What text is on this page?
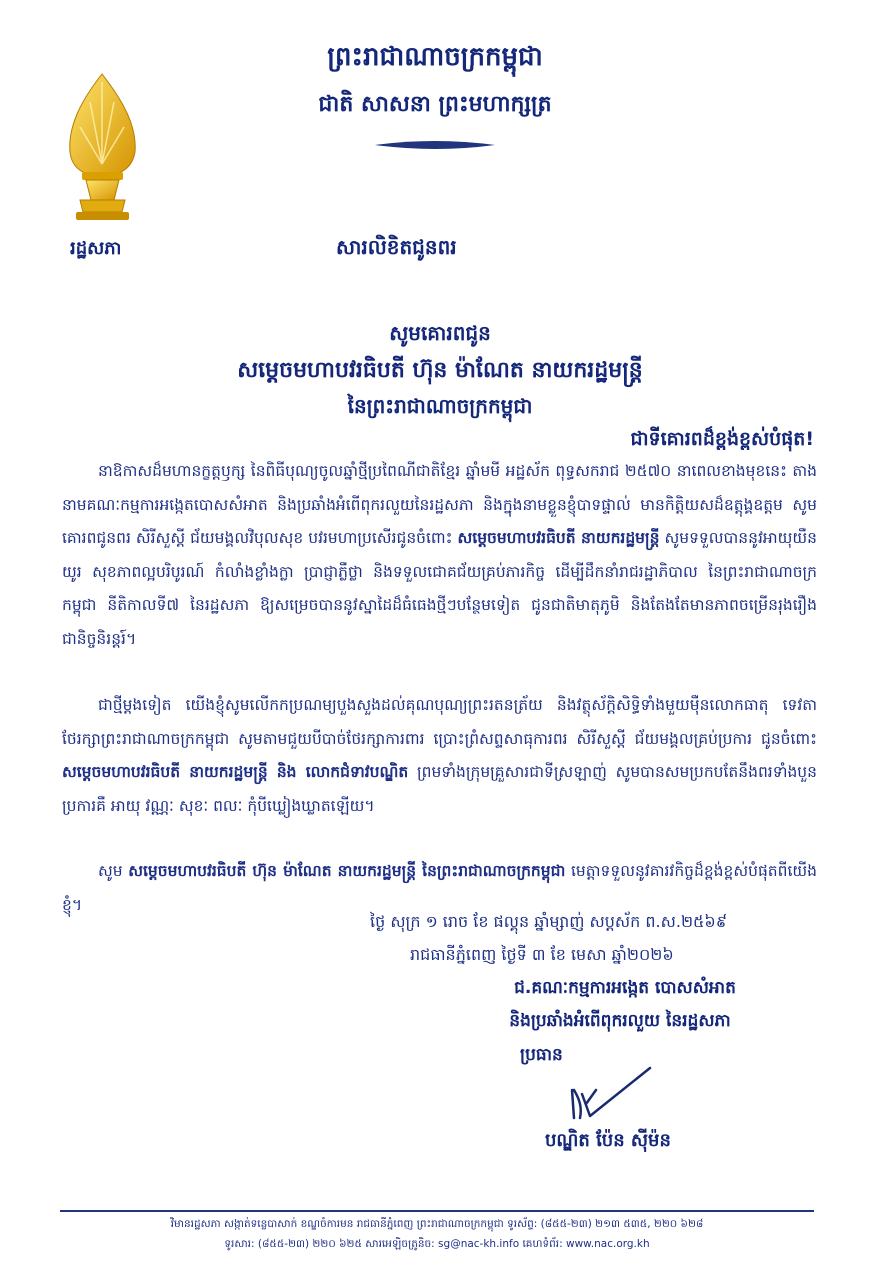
ព្រះរាជាណាចក្រកម្ពុជា
ជាតិ សាសនា ព្រះមហាក្សត្រ
រដ្ឋសភា	សារលិខិតជូនពរ
សូមគោរពជូន
សម្ដេចមហាបវរធិបតី ហ៊ុន ម៉ាណែត នាយករដ្ឋមន្ត្រី
នៃព្រះរាជាណាចក្រកម្ពុជា
ជាទីគោរពដ៏ខ្ពង់ខ្ពស់បំផុត!
នាឱកាសដ៏មហានក្ខត្តឫក្ស នៃពិធីបុណ្យចូលឆ្នាំថ្មីប្រពៃណីជាតិខ្មែរ ឆ្នាំមមី អដ្ឋស័ក ពុទ្ធសករាជ ២៥៧០ នាពេលខាងមុខនេះ តាងនាមគណៈកម្មការអង្កេតបោសសំអាត និងប្រឆាំងអំពើពុករលួយនៃរដ្ឋសភា និងក្នុងនាមខ្លួនខ្ញុំបាទផ្ទាល់ មានកិត្តិយសដ៏ឧត្តុង្គឧត្តម សូមគោរពជូនពរ សិរីសួស្តី ជ័យមង្គលវិបុលសុខ បវរមហាប្រសើរជូនចំពោះ សម្ដេចមហាបវរធិបតី នាយករដ្ឋមន្ត្រី សូមទទួលបាននូវអាយុយឺនយូរ សុខភាពល្អបរិបូរណ៍ កំលាំងខ្លាំងក្លា ប្រាជ្ញាភ្លឺថ្លា និងទទួលជោគជ័យគ្រប់ភារកិច្ច ដើម្បីដឹកនាំរាជរដ្ឋាភិបាល នៃព្រះរាជាណាចក្រកម្ពុជា នីតិកាលទី៧ នៃរដ្ឋសភា ឱ្យសម្រេចបាននូវស្នាដៃដ៏ធំធេងថ្មីៗបន្ថែមទៀត ជូនជាតិមាតុភូមិ និងតែងតែមានភាពចម្រើនរុងរឿងជានិច្ចនិរន្តរ៍។
ជាថ្មីម្តងទៀត យើងខ្ញុំសូមលើកកប្រណម្យបួងសួងដល់គុណបុណ្យព្រះរតនត្រ័យ និងវត្ថុស័ក្តិសិទ្ធិទាំងមួយម៉ឺនលោកធាតុ ទេវតាថែរក្សាព្រះរាជាណាចក្រកម្ពុជា សូមតាមជួយបីបាច់ថែរក្សាការពារ ប្រោះព្រំសព្ទសាធុការពរ សិរីសួស្តី ជ័យមង្គលគ្រប់ប្រការ ជូនចំពោះ សម្ដេចមហាបវរធិបតី នាយករដ្ឋមន្ត្រី និង លោកជំទាវបណ្ឌិត ព្រមទាំងក្រុមគ្រួសារជាទីស្រឡាញ់ សូមបានសមប្រកបតែនឹងពរទាំងបួនប្រការគឺ អាយុ វណ្ណៈ សុខៈ ពលៈ កុំបីឃ្លៀងឃ្លាតឡើយ។
សូម សម្ដេចមហាបវរធិបតី ហ៊ុន ម៉ាណែត នាយករដ្ឋមន្ត្រី នៃព្រះរាជាណាចក្រកម្ពុជា មេត្តាទទួលនូវគារវកិច្ចដ៏ខ្ពង់ខ្ពស់បំផុតពីយើងខ្ញុំ។
ថ្ងៃ សុក្រ ១ រោច ខែ ផល្គុន ឆ្នាំម្សាញ់ សប្តស័ក ព.ស.២៥៦៩
រាជធានីភ្នំពេញ ថ្ងៃទី ៣ ខែ មេសា ឆ្នាំ២០២៦
ជ.គណៈកម្មការអង្កេត បោសសំអាត
និងប្រឆាំងអំពើពុករលួយ នៃរដ្ឋសភា
ប្រធាន
បណ្ឌិត ប៉ែន ស៊ីម៉ន
វិមានរដ្ឋសភា សង្កាត់ទន្លេបាសាក់ ខណ្ឌចំការមន រាជធានីភ្នំពេញ ព្រះរាជាណាចក្រកម្ពុជា ទូរស័ព្ទ: (៨៥៥-២៣) ២១៣ ៥៣៥, ២២០ ៦២៨
ទូរសារ: (៨៥៥-២៣) ២២០ ៦២៥ សារអេឡិចត្រូនិច: sg@nac-kh.info គេហទំព័រ: www.nac.org.kh
